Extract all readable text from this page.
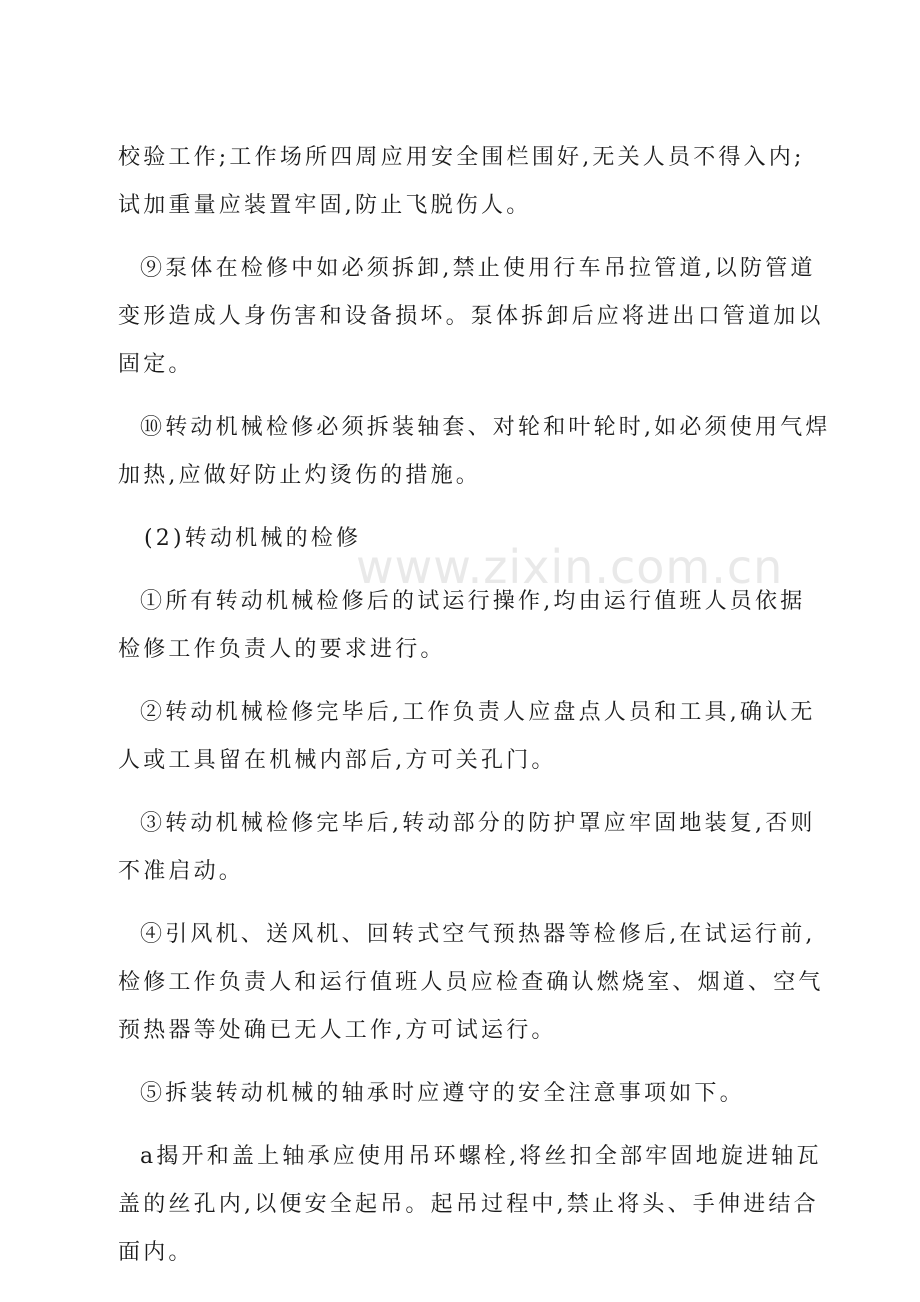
www.zixin.com.cn
校验工作;工作场所四周应用安全围栏围好,无关人员不得入内;
试加重量应装置牢固,防止飞脱伤人。
⑨泵体在检修中如必须拆卸,禁止使用行车吊拉管道,以防管道
变形造成人身伤害和设备损坏。泵体拆卸后应将进出口管道加以
固定。
⑩转动机械检修必须拆装轴套、对轮和叶轮时,如必须使用气焊
加热,应做好防止灼烫伤的措施。
(2)转动机械的检修
①所有转动机械检修后的试运行操作,均由运行值班人员依据
检修工作负责人的要求进行。
②转动机械检修完毕后,工作负责人应盘点人员和工具,确认无
人或工具留在机械内部后,方可关孔门。
③转动机械检修完毕后,转动部分的防护罩应牢固地装复,否则
不准启动。
④引风机、送风机、回转式空气预热器等检修后,在试运行前,
检修工作负责人和运行值班人员应检查确认燃烧室、烟道、空气
预热器等处确已无人工作,方可试运行。
⑤拆装转动机械的轴承时应遵守的安全注意事项如下。
a揭开和盖上轴承应使用吊环螺栓,将丝扣全部牢固地旋进轴瓦
盖的丝孔内,以便安全起吊。起吊过程中,禁止将头、手伸进结合
面内。
